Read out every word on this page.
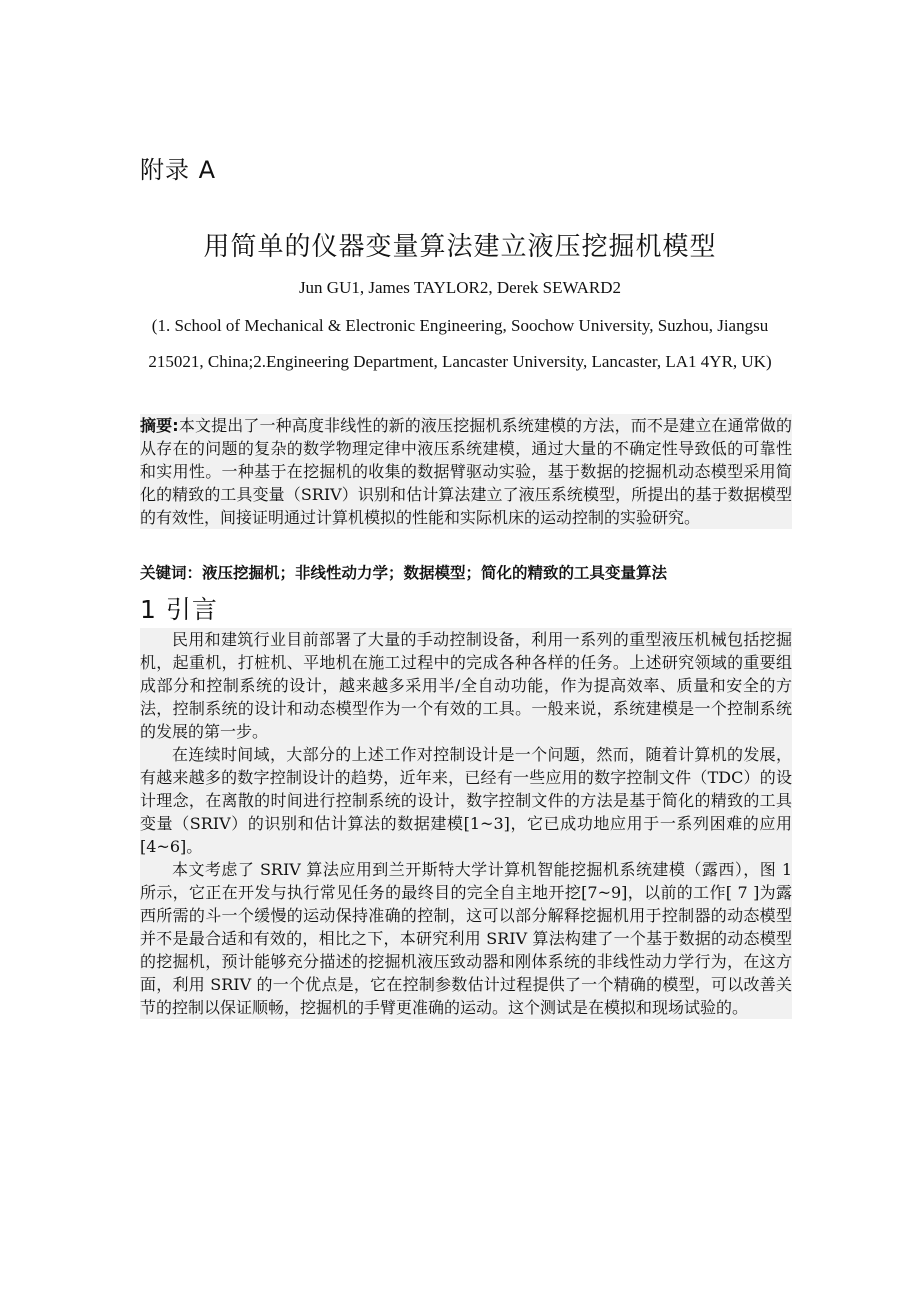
附录 A
用简单的仪器变量算法建立液压挖掘机模型
Jun GU1, James TAYLOR2, Derek SEWARD2
(1. School of Mechanical & Electronic Engineering, Soochow University, Suzhou, Jiangsu 215021, China;2.Engineering Department, Lancaster University, Lancaster, LA1 4YR, UK)
摘要:本文提出了一种高度非线性的新的液压挖掘机系统建模的方法，而不是建立在通常做的从存在的问题的复杂的数学物理定律中液压系统建模，通过大量的不确定性导致低的可靠性和实用性。一种基于在挖掘机的收集的数据臂驱动实验，基于数据的挖掘机动态模型采用简化的精致的工具变量（SRIV）识别和估计算法建立了液压系统模型，所提出的基于数据模型的有效性，间接证明通过计算机模拟的性能和实际机床的运动控制的实验研究。
关键词：液压挖掘机；非线性动力学；数据模型；简化的精致的工具变量算法
1 引言

民用和建筑行业目前部署了大量的手动控制设备，利用一系列的重型液压机械包括挖掘机，起重机，打桩机、平地机在施工过程中的完成各种各样的任务。上述研究领域的重要组成部分和控制系统的设计，越来越多采用半/全自动功能，作为提高效率、质量和安全的方法，控制系统的设计和动态模型作为一个有效的工具。一般来说，系统建模是一个控制系统的发展的第一步。

在连续时间域，大部分的上述工作对控制设计是一个问题，然而，随着计算机的发展，有越来越多的数字控制设计的趋势，近年来，已经有一些应用的数字控制文件（TDC）的设计理念，在离散的时间进行控制系统的设计，数字控制文件的方法是基于简化的精致的工具变量（SRIV）的识别和估计算法的数据建模[1~3]，它已成功地应用于一系列困难的应用[4~6]。

本文考虑了 SRIV 算法应用到兰开斯特大学计算机智能挖掘机系统建模（露西），图 1 所示，它正在开发与执行常见任务的最终目的完全自主地开挖[7~9]，以前的工作[ 7 ]为露西所需的斗一个缓慢的运动保持准确的控制，这可以部分解释挖掘机用于控制器的动态模型并不是最合适和有效的，相比之下，本研究利用 SRIV 算法构建了一个基于数据的动态模型的挖掘机，预计能够充分描述的挖掘机液压致动器和刚体系统的非线性动力学行为，在这方面，利用 SRIV 的一个优点是，它在控制参数估计过程提供了一个精确的模型，可以改善关节的控制以保证顺畅，挖掘机的手臂更准确的运动。这个测试是在模拟和现场试验的。
